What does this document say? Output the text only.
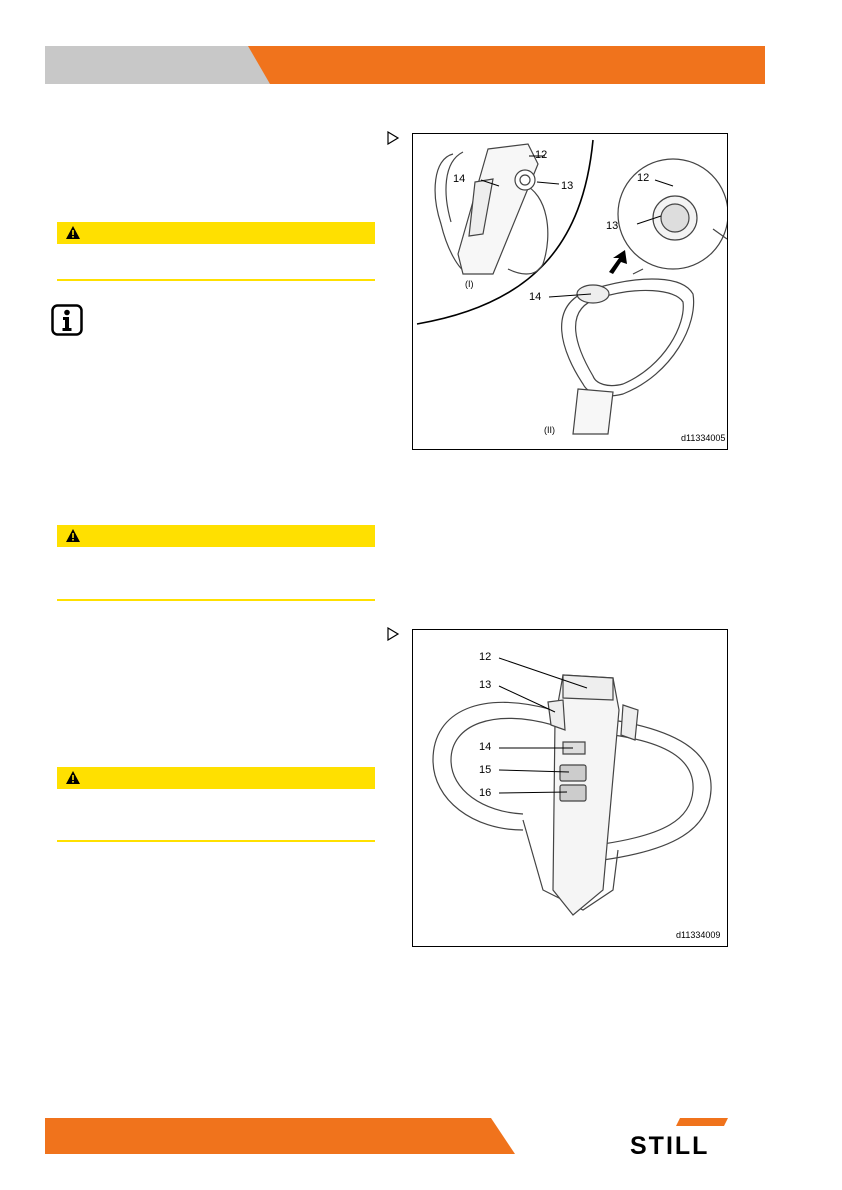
12
14
13
12
13
14
(I)
(II)
d11334005
12
13
14
15
16
d11334009
STILL
